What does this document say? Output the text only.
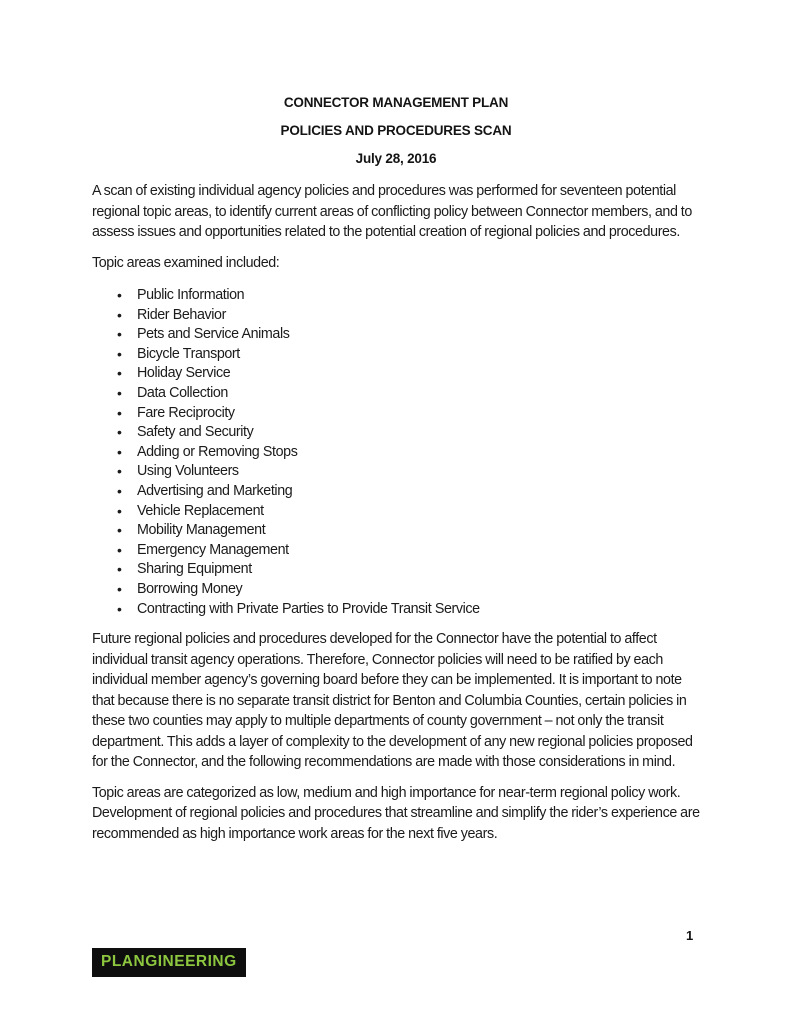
CONNECTOR MANAGEMENT PLAN
POLICIES AND PROCEDURES SCAN
July 28, 2016

A scan of existing individual agency policies and procedures was performed for seventeen potential regional topic areas, to identify current areas of conflicting policy between Connector members, and to assess issues and opportunities related to the potential creation of regional policies and procedures.

Topic areas examined included:

• Public Information
• Rider Behavior
• Pets and Service Animals
• Bicycle Transport
• Holiday Service
• Data Collection
• Fare Reciprocity
• Safety and Security
• Adding or Removing Stops
• Using Volunteers
• Advertising and Marketing
• Vehicle Replacement
• Mobility Management
• Emergency Management
• Sharing Equipment
• Borrowing Money
• Contracting with Private Parties to Provide Transit Service

Future regional policies and procedures developed for the Connector have the potential to affect individual transit agency operations. Therefore, Connector policies will need to be ratified by each individual member agency’s governing board before they can be implemented. It is important to note that because there is no separate transit district for Benton and Columbia Counties, certain policies in these two counties may apply to multiple departments of county government – not only the transit department. This adds a layer of complexity to the development of any new regional policies proposed for the Connector, and the following recommendations are made with those considerations in mind.

Topic areas are categorized as low, medium and high importance for near-term regional policy work. Development of regional policies and procedures that streamline and simplify the rider’s experience are recommended as high importance work areas for the next five years.

PLANGINEERING
1
